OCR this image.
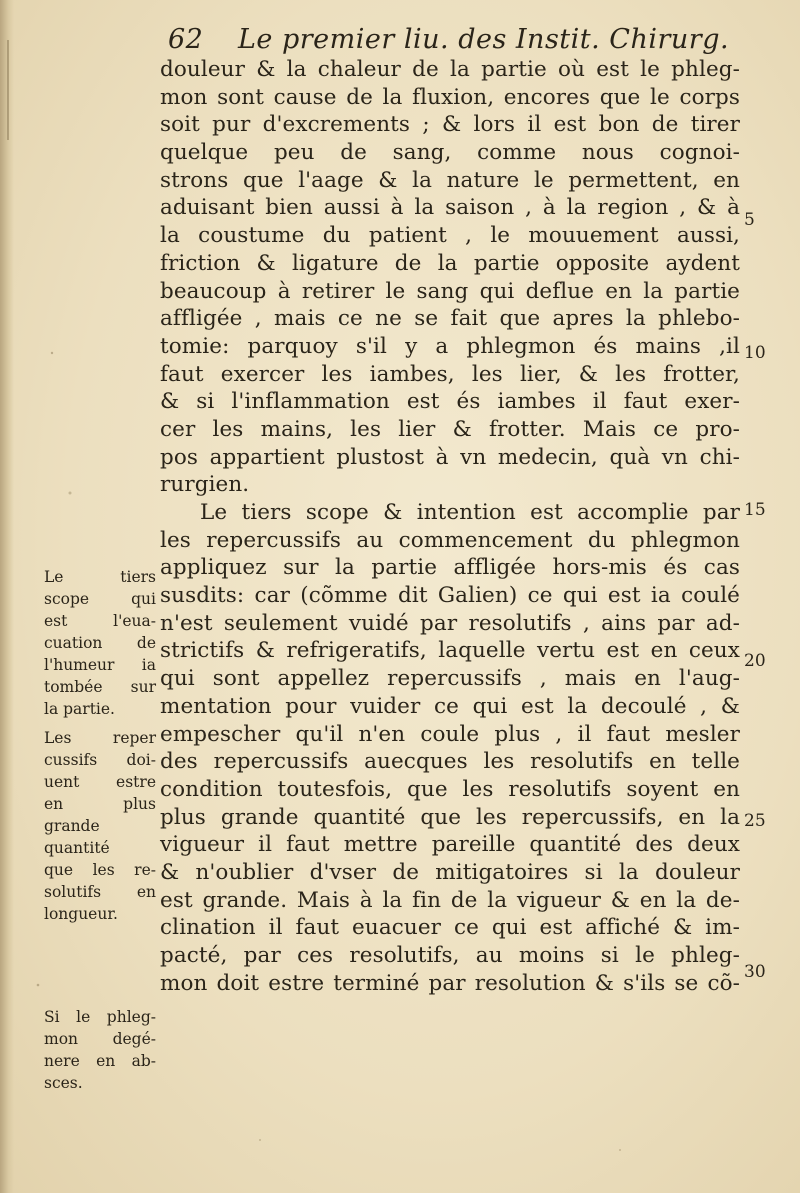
62 Le premier liu. des Instit. Chirurg.
douleur & la chaleur de la partie où est le phleg-
mon sont cause de la fluxion, encores que le corps
soit pur d'excrements ; & lors il est bon de tirer
quelque peu de sang, comme nous cognoi-
strons que l'aage & la nature le permettent, en
aduisant bien aussi à la saison , à la region , & à
la coustume du patient , le mouuement aussi,
friction & ligature de la partie opposite aydent
beaucoup à retirer le sang qui deflue en la partie
affligée , mais ce ne se fait que apres la phlebo-
tomie: parquoy s'il y a phlegmon és mains ,il
faut exercer les iambes, les lier, & les frotter,
& si l'inflammation est és iambes il faut exer-
cer les mains, les lier & frotter. Mais ce pro-
pos appartient plustost à vn medecin, quà vn chi-
rurgien.
Le tiers scope & intention est accomplie par
les repercussifs au commencement du phlegmon
appliquez sur la partie affligée hors-mis és cas
susdits: car (cõmme dit Galien) ce qui est ia coulé
n'est seulement vuidé par resolutifs , ains par ad-
strictifs & refrigeratifs, laquelle vertu est en ceux
qui sont appellez repercussifs , mais en l'aug-
mentation pour vuider ce qui est la decoulé , &
empescher qu'il n'en coule plus , il faut mesler
des repercussifs auecques les resolutifs en telle
condition toutesfois, que les resolutifs soyent en
plus grande quantité que les repercussifs, en la
vigueur il faut mettre pareille quantité des deux
& n'oublier d'vser de mitigatoires si la douleur
est grande. Mais à la fin de la vigueur & en la de-
clination il faut euacuer ce qui est affiché & im-
pacté, par ces resolutifs, au moins si le phleg-
mon doit estre terminé par resolution & s'ils se cõ-
5
10
15
20
25
30
Le tiers
scope qui
est l'eua-
cuation de
l'humeur ia
tombée sur
la partie.
Les reper
cussifs doi-
uent estre
en plus
grande
quantité
que les re-
solutifs en
longueur.
Si le phleg-
mon degé-
nere en ab-
sces.
